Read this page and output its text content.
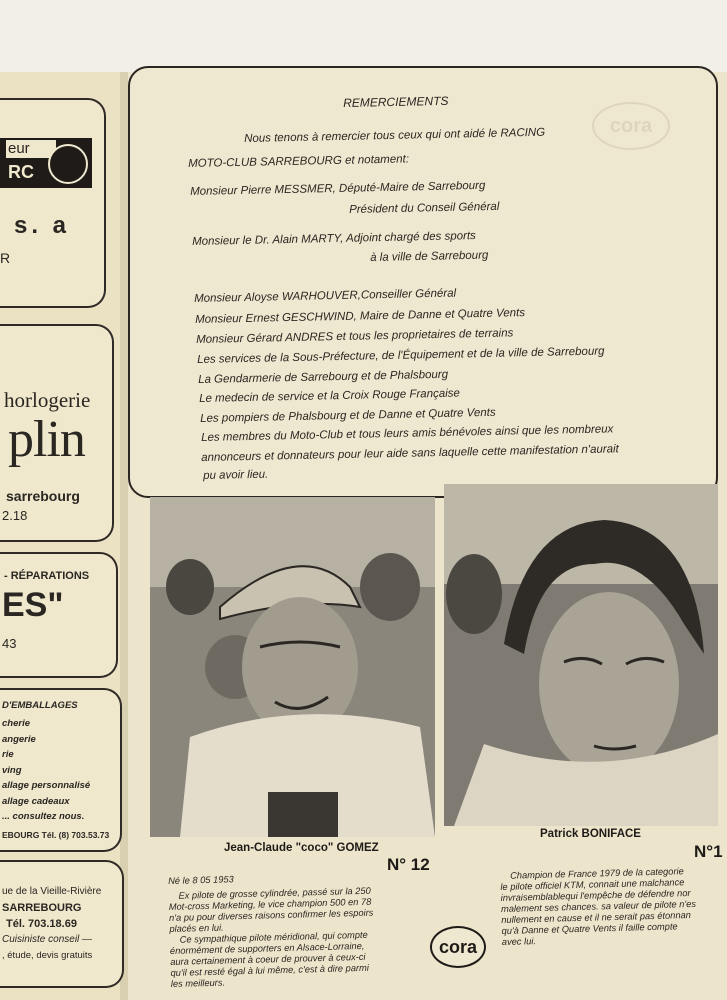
eur
RC
s. a
R
horlogerie
plin
sarrebourg
2.18
- RÉPARATIONS
ES"
43
D'EMBALLAGES
cherie
angerie
rie
ving
allage personnalisé
allage cadeaux
... consultez nous.
EBOURG Tél. (8) 703.53.73
ue de la Vieille-Rivière
SARREBOURG
Tél. 703.18.69
Cuisiniste conseil —
, étude, devis gratuits
cora
REMERCIEMENTS
Nous tenons à remercier tous ceux qui ont aidé le RACING
MOTO-CLUB SARREBOURG et notament:
Monsieur Pierre MESSMER, Député-Maire de Sarrebourg
Président du Conseil Général
Monsieur le Dr. Alain MARTY, Adjoint chargé des sports
à la ville de Sarrebourg
Monsieur Aloyse WARHOUVER,Conseiller Général
Monsieur Ernest GESCHWIND, Maire de Danne et Quatre Vents
Monsieur Gérard ANDRES et tous les proprietaires de terrains
Les services de la Sous-Préfecture, de l'Équipement et de la ville de Sarrebourg
La Gendarmerie de Sarrebourg et de Phalsbourg
Le medecin de service et la Croix Rouge Française
Les pompiers de Phalsbourg et de Danne et Quatre Vents
Les membres du Moto-Club et tous leurs amis bénévoles ainsi que les nombreux
annonceurs et donnateurs pour leur aide sans laquelle cette manifestation n'aurait
pu avoir lieu.
Jean-Claude "coco" GOMEZ
N° 12
Patrick BONIFACE
N°1
Né le 8 05 1953
Ex pilote de grosse cylindrée, passé sur la 250
Mot-cross Marketing, le vice champion 500 en 78
n'a pu pour diverses raisons confirmer les espoirs
placés en lui.
Ce sympathique pilote méridional, qui compte
énormément de supporters en Alsace-Lorraine,
aura certainement à coeur de prouver à ceux-ci
qu'il est resté égal à lui même, c'est à dire parmi
les meilleurs.
Champion de France 1979 de la categorie
le pilote officiel KTM, connait une malchance
invraisemblablequi l'empêche de défendre nor
malement ses chances. sa valeur de pilote n'es
nullement en cause et il ne serait pas étonnan
qu'à Danne et Quatre Vents il faille compte
avec lui.
cora
